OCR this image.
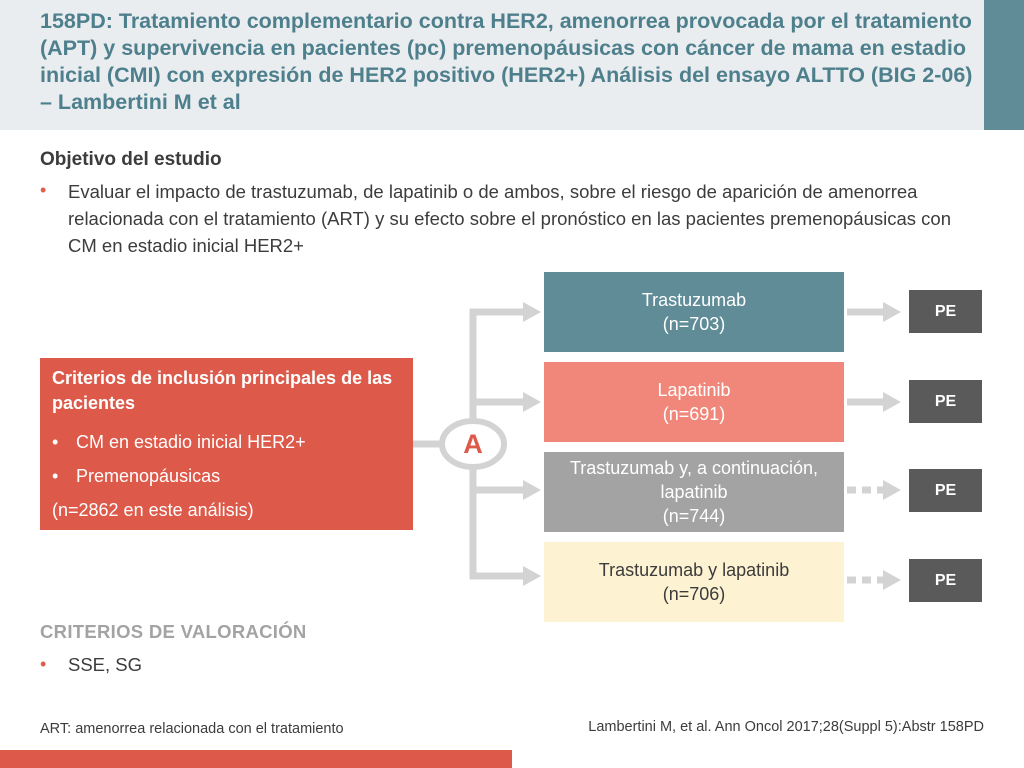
158PD: Tratamiento complementario contra HER2, amenorrea provocada por el tratamiento (APT) y supervivencia en pacientes (pc) premenopáusicas con cáncer de mama en estadio inicial (CMI) con expresión de HER2 positivo (HER2+) Análisis del ensayo ALTTO (BIG 2-06) – Lambertini M et al
Objetivo del estudio
• Evaluar el impacto de trastuzumab, de lapatinib o de ambos, sobre el riesgo de aparición de amenorrea relacionada con el tratamiento (ART) y su efecto sobre el pronóstico en las pacientes premenopáusicas con CM en estadio inicial HER2+
A
Criterios de inclusión principales de las pacientes
• CM en estadio inicial HER2+
• Premenopáusicas
(n=2862 en este análisis)
Trastuzumab
(n=703)
Lapatinib
(n=691)
Trastuzumab y, a continuación, lapatinib
(n=744)
Trastuzumab y lapatinib
(n=706)
PE
PE
PE
PE
CRITERIOS DE VALORACIÓN
• SSE, SG
ART: amenorrea relacionada con el tratamiento	Lambertini M, et al. Ann Oncol 2017;28(Suppl 5):Abstr 158PD
